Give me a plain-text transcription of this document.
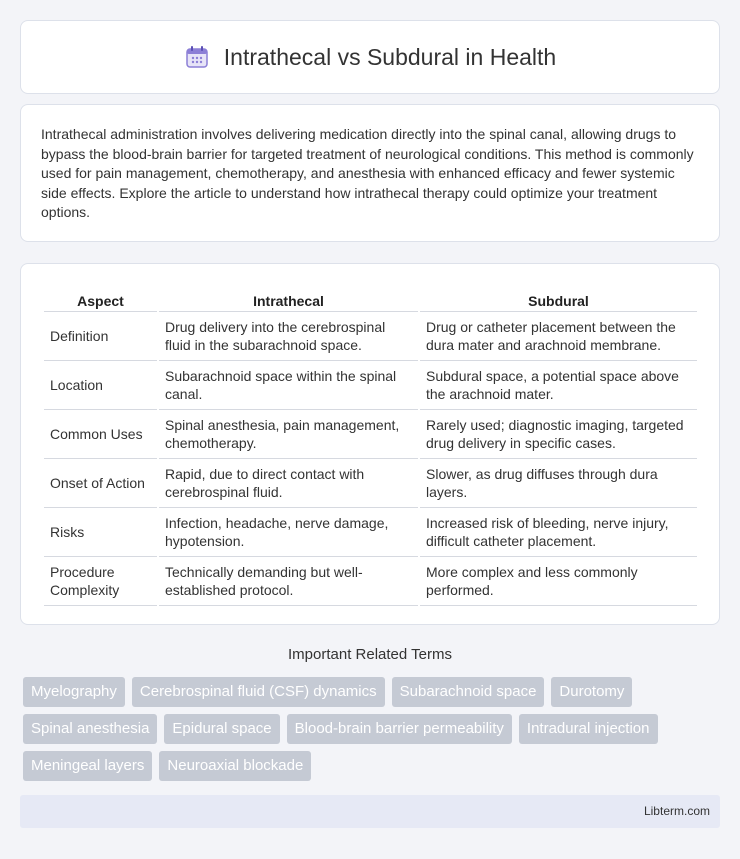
Intrathecal vs Subdural in Health

Intrathecal administration involves delivering medication directly into the spinal canal, allowing drugs to bypass the blood-brain barrier for targeted treatment of neurological conditions. This method is commonly used for pain management, chemotherapy, and anesthesia with enhanced efficacy and fewer systemic side effects. Explore the article to understand how intrathecal therapy could optimize your treatment options.

Aspect	Intrathecal	Subdural
Definition	Drug delivery into the cerebrospinal fluid in the subarachnoid space.	Drug or catheter placement between the dura mater and arachnoid membrane.
Location	Subarachnoid space within the spinal canal.	Subdural space, a potential space above the arachnoid mater.
Common Uses	Spinal anesthesia, pain management, chemotherapy.	Rarely used; diagnostic imaging, targeted drug delivery in specific cases.
Onset of Action	Rapid, due to direct contact with cerebrospinal fluid.	Slower, as drug diffuses through dura layers.
Risks	Infection, headache, nerve damage, hypotension.	Increased risk of bleeding, nerve injury, difficult catheter placement.
Procedure Complexity	Technically demanding but well-established protocol.	More complex and less commonly performed.
Important Related Terms
Myelography	Cerebrospinal fluid (CSF) dynamics	Subarachnoid space	Durotomy
Spinal anesthesia	Epidural space	Blood-brain barrier permeability	Intradural injection
Meningeal layers	Neuroaxial blockade
Libterm.com
